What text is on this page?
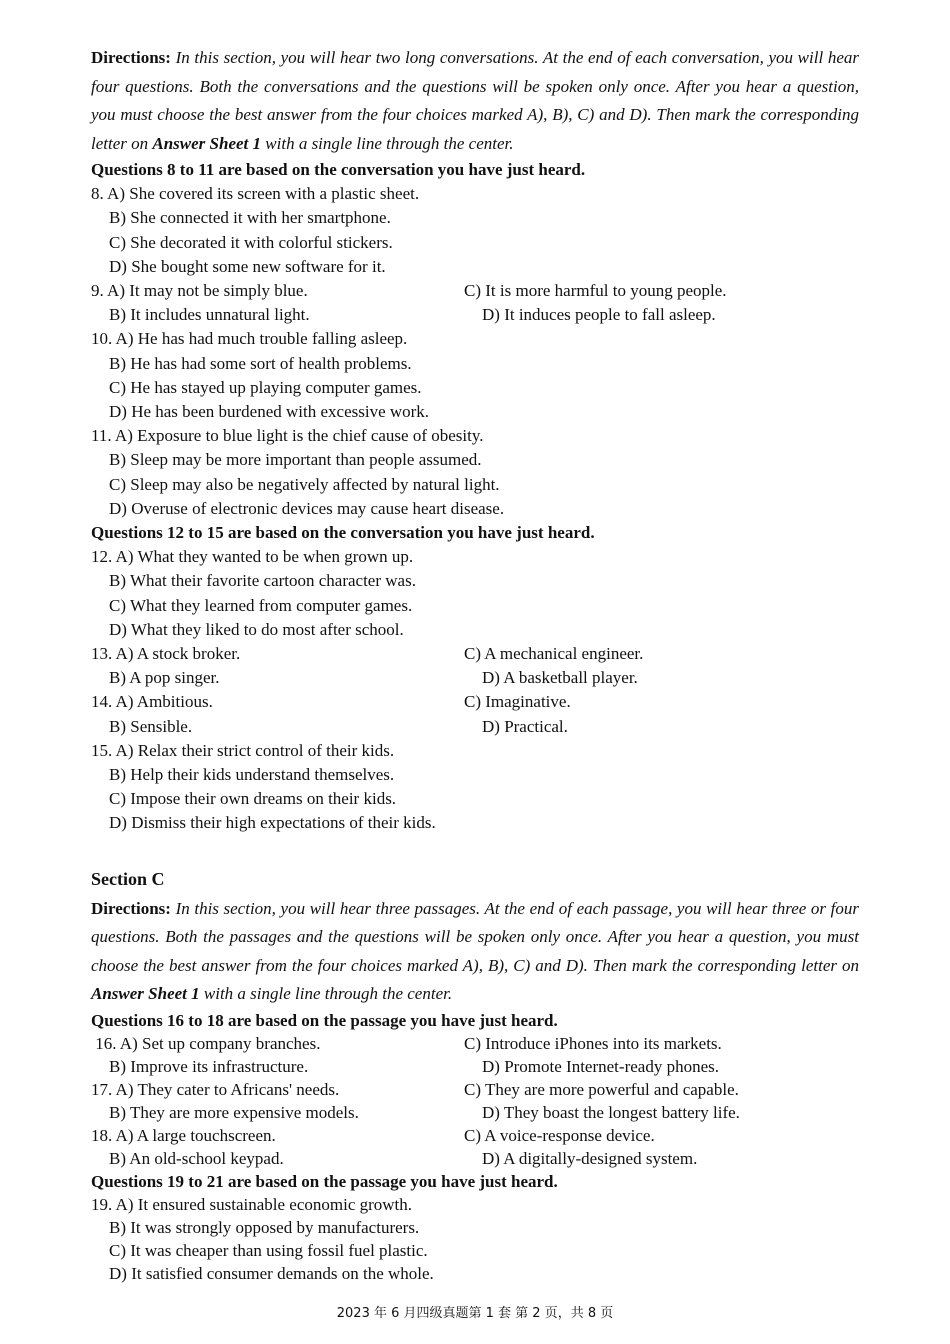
Directions: In this section, you will hear two long conversations. At the end of each conversation, you will hear four questions. Both the conversations and the questions will be spoken only once. After you hear a question, you must choose the best answer from the four choices marked A), B), C) and D). Then mark the corresponding letter on Answer Sheet 1 with a single line through the center.

Questions 8 to 11 are based on the conversation you have just heard.

8. A) She covered its screen with a plastic sheet.

B) She connected it with her smartphone.

C) She decorated it with colorful stickers.

D) She bought some new software for it.

9. A) It may not be simply blue.	C) It is more harmful to young people.

B) It includes unnatural light.	D) It induces people to fall asleep.

10. A) He has had much trouble falling asleep.

B) He has had some sort of health problems.

C) He has stayed up playing computer games.

D) He has been burdened with excessive work.

11. A) Exposure to blue light is the chief cause of obesity.

B) Sleep may be more important than people assumed.

C) Sleep may also be negatively affected by natural light.

D) Overuse of electronic devices may cause heart disease.

Questions 12 to 15 are based on the conversation you have just heard.

12. A) What they wanted to be when grown up.

B) What their favorite cartoon character was.

C) What they learned from computer games.

D) What they liked to do most after school.

13. A) A stock broker.	C) A mechanical engineer.

B) A pop singer.	D) A basketball player.

14. A) Ambitious.	C) Imaginative.

B) Sensible.	D) Practical.

15. A) Relax their strict control of their kids.

B) Help their kids understand themselves.

C) Impose their own dreams on their kids.

D) Dismiss their high expectations of their kids.

Section C

Directions: In this section, you will hear three passages. At the end of each passage, you will hear three or four questions. Both the passages and the questions will be spoken only once. After you hear a question, you must choose the best answer from the four choices marked A), B), C) and D). Then mark the corresponding letter on Answer Sheet 1 with a single line through the center.

Questions 16 to 18 are based on the passage you have just heard.

16. A) Set up company branches.	C) Introduce iPhones into its markets.

B) Improve its infrastructure.	D) Promote Internet-ready phones.

17. A) They cater to Africans' needs.	C) They are more powerful and capable.

B) They are more expensive models.	D) They boast the longest battery life.

18. A) A large touchscreen.	C) A voice-response device.

B) An old-school keypad.	D) A digitally-designed system.

Questions 19 to 21 are based on the passage you have just heard.

19. A) It ensured sustainable economic growth.

B) It was strongly opposed by manufacturers.

C) It was cheaper than using fossil fuel plastic.

D) It satisfied consumer demands on the whole.

2023 年 6 月四级真题第 1 套 第 2 页，共 8 页
